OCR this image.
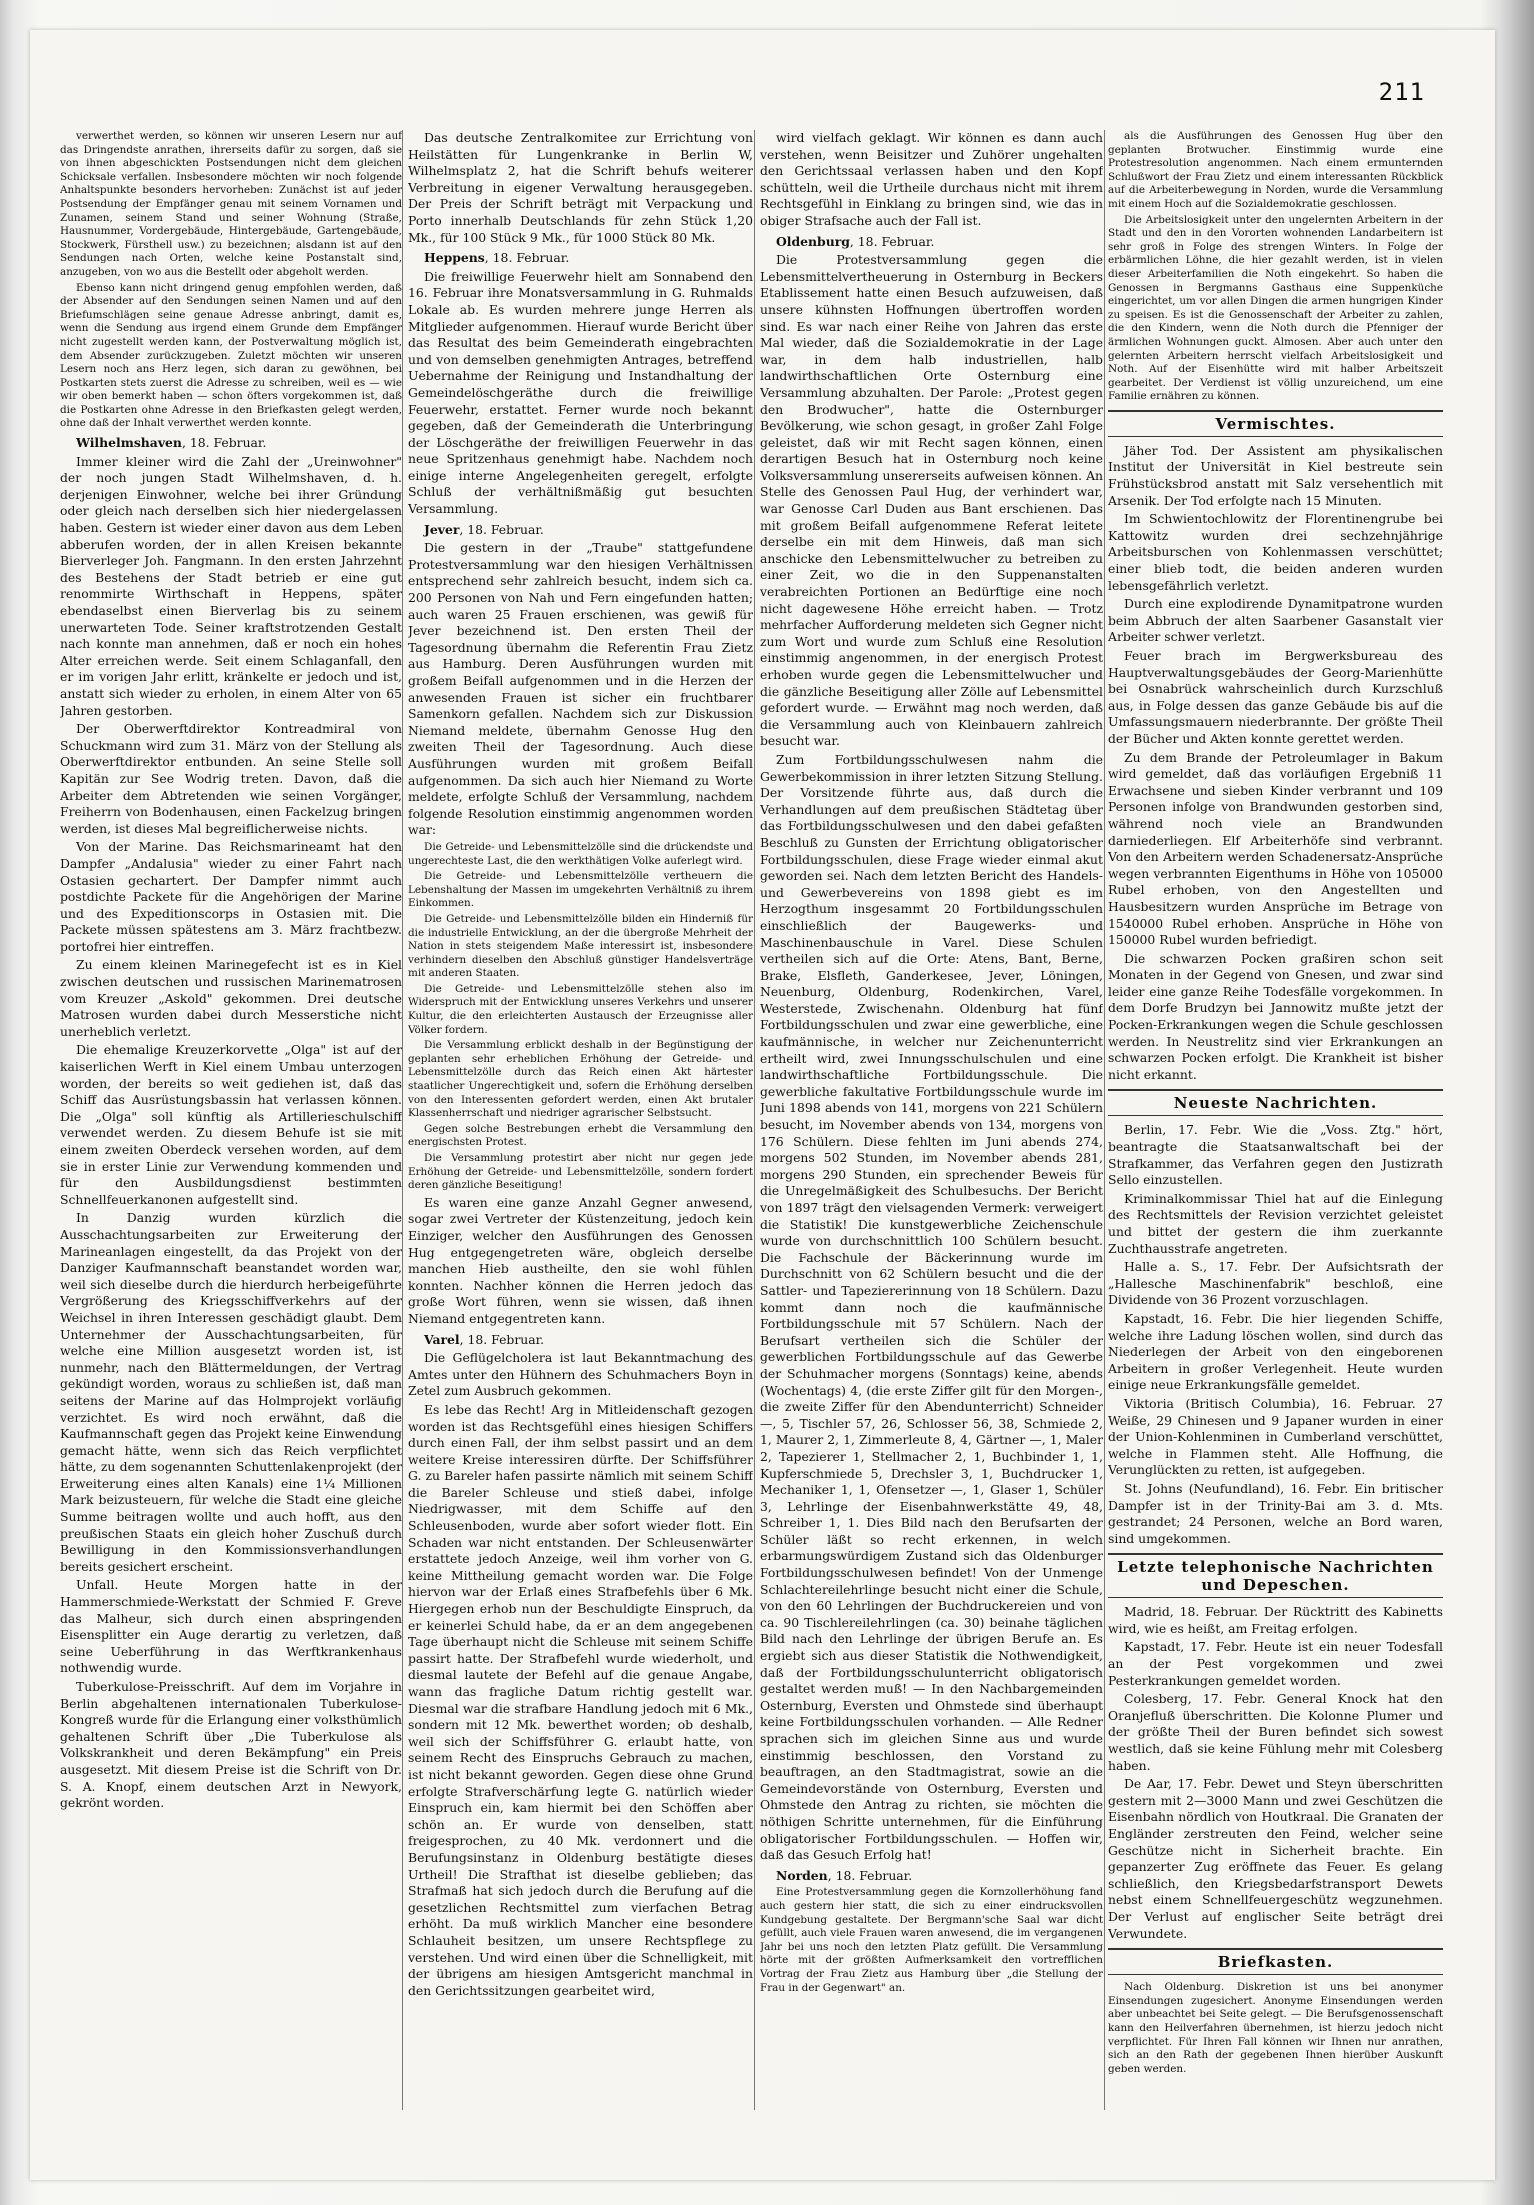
211

verwerthet werden, so können wir unseren Lesern nur auf das Dringendste anrathen, ihrerseits dafür zu sorgen, daß sie von ihnen abgeschickten Postsendungen nicht dem gleichen Schicksale verfallen. Insbesondere möchten wir noch folgende Anhaltspunkte besonders hervorheben: Zunächst ist auf jeder Postsendung der Empfänger genau mit seinem Vornamen und Zunamen, seinem Stand und seiner Wohnung (Straße, Hausnummer, Vordergebäude, Hintergebäude, Gartengebäude, Stockwerk, Fürsthell usw.) zu bezeichnen; alsdann ist auf den Sendungen nach Orten, welche keine Postanstalt sind, anzugeben, von wo aus die Bestellt oder abgeholt werden.

Ebenso kann nicht dringend genug empfohlen werden, daß der Absender auf den Sendungen seinen Namen und auf den Briefumschlägen seine genaue Adresse anbringt, damit es, wenn die Sendung aus irgend einem Grunde dem Empfänger nicht zugestellt werden kann, der Postverwaltung möglich ist, dem Absender zurückzugeben. Zuletzt möchten wir unseren Lesern noch ans Herz legen, sich daran zu gewöhnen, bei Postkarten stets zuerst die Adresse zu schreiben, weil es — wie wir oben bemerkt haben — schon öfters vorgekommen ist, daß die Postkarten ohne Adresse in den Briefkasten gelegt werden, ohne daß der Inhalt verwerthet werden konnte.

Wilhelmshaven, 18. Februar.

Immer kleiner wird die Zahl der „Ureinwohner" der noch jungen Stadt Wilhelmshaven, d. h. derjenigen Einwohner, welche bei ihrer Gründung oder gleich nach derselben sich hier niedergelassen haben. Gestern ist wieder einer davon aus dem Leben abberufen worden, der in allen Kreisen bekannte Bierverleger Joh. Fangmann. In den ersten Jahrzehnt des Bestehens der Stadt betrieb er eine gut renommirte Wirthschaft in Heppens, später ebendaselbst einen Bierverlag bis zu seinem unerwarteten Tode. Seiner kraftstrotzenden Gestalt nach konnte man annehmen, daß er noch ein hohes Alter erreichen werde. Seit einem Schlaganfall, den er im vorigen Jahr erlitt, kränkelte er jedoch und ist, anstatt sich wieder zu erholen, in einem Alter von 65 Jahren gestorben.

Der Oberwerftdirektor Kontreadmiral von Schuckmann wird zum 31. März von der Stellung als Oberwerftdirektor entbunden. An seine Stelle soll Kapitän zur See Wodrig treten. Davon, daß die Arbeiter dem Abtretenden wie seinen Vorgänger, Freiherrn von Bodenhausen, einen Fackelzug bringen werden, ist dieses Mal begreiflicherweise nichts.

Von der Marine. Das Reichsmarineamt hat den Dampfer „Andalusia" wieder zu einer Fahrt nach Ostasien gechartert. Der Dampfer nimmt auch postdichte Packete für die Angehörigen der Marine und des Expeditionscorps in Ostasien mit. Die Packete müssen spätestens am 3. März frachtbezw. portofrei hier eintreffen.

Zu einem kleinen Marinegefecht ist es in Kiel zwischen deutschen und russischen Marinematrosen vom Kreuzer „Askold" gekommen. Drei deutsche Matrosen wurden dabei durch Messerstiche nicht unerheblich verletzt.

Die ehemalige Kreuzerkorvette „Olga" ist auf der kaiserlichen Werft in Kiel einem Umbau unterzogen worden, der bereits so weit gediehen ist, daß das Schiff das Ausrüstungsbassin hat verlassen können. Die „Olga" soll künftig als Artillerieschulschiff verwendet werden. Zu diesem Behufe ist sie mit einem zweiten Oberdeck versehen worden, auf dem sie in erster Linie zur Verwendung kommenden und für den Ausbildungsdienst bestimmten Schnellfeuerkanonen aufgestellt sind.

In Danzig wurden kürzlich die Ausschachtungsarbeiten zur Erweiterung der Marineanlagen eingestellt, da das Projekt von der Danziger Kaufmannschaft beanstandet worden war, weil sich dieselbe durch die hierdurch herbeigeführte Vergrößerung des Kriegsschiffverkehrs auf der Weichsel in ihren Interessen geschädigt glaubt. Dem Unternehmer der Ausschachtungsarbeiten, für welche eine Million ausgesetzt worden ist, ist nunmehr, nach den Blättermeldungen, der Vertrag gekündigt worden, woraus zu schließen ist, daß man seitens der Marine auf das Holmprojekt vorläufig verzichtet. Es wird noch erwähnt, daß die Kaufmannschaft gegen das Projekt keine Einwendung gemacht hätte, wenn sich das Reich verpflichtet hätte, zu dem sogenannten Schuttenlakenprojekt (der Erweiterung eines alten Kanals) eine 1¼ Millionen Mark beizusteuern, für welche die Stadt eine gleiche Summe beitragen wollte und auch hofft, aus den preußischen Staats ein gleich hoher Zuschuß durch Bewilligung in den Kommissionsverhandlungen bereits gesichert erscheint.

Unfall. Heute Morgen hatte in der Hammerschmiede-Werkstatt der Schmied F. Greve das Malheur, sich durch einen abspringenden Eisensplitter ein Auge derartig zu verletzen, daß seine Ueberführung in das Werftkrankenhaus nothwendig wurde.

Tuberkulose-Preisschrift. Auf dem im Vorjahre in Berlin abgehaltenen internationalen Tuberkulose-Kongreß wurde für die Erlangung einer volksthümlich gehaltenen Schrift über „Die Tuberkulose als Volkskrankheit und deren Bekämpfung" ein Preis ausgesetzt. Mit diesem Preise ist die Schrift von Dr. S. A. Knopf, einem deutschen Arzt in Newyork, gekrönt worden.

Das deutsche Zentralkomitee zur Errichtung von Heilstätten für Lungenkranke in Berlin W, Wilhelmsplatz 2, hat die Schrift behufs weiterer Verbreitung in eigener Verwaltung herausgegeben. Der Preis der Schrift beträgt mit Verpackung und Porto innerhalb Deutschlands für zehn Stück 1,20 Mk., für 100 Stück 9 Mk., für 1000 Stück 80 Mk.

Heppens, 18. Februar.

Die freiwillige Feuerwehr hielt am Sonnabend den 16. Februar ihre Monatsversammlung in G. Ruhmalds Lokale ab. Es wurden mehrere junge Herren als Mitglieder aufgenommen. Hierauf wurde Bericht über das Resultat des beim Gemeinderath eingebrachten und von demselben genehmigten Antrages, betreffend Uebernahme der Reinigung und Instandhaltung der Gemeindelöschgeräthe durch die freiwillige Feuerwehr, erstattet. Ferner wurde noch bekannt gegeben, daß der Gemeinderath die Unterbringung der Löschgeräthe der freiwilligen Feuerwehr in das neue Spritzenhaus genehmigt habe. Nachdem noch einige interne Angelegenheiten geregelt, erfolgte Schluß der verhältnißmäßig gut besuchten Versammlung.

Jever, 18. Februar.

Die gestern in der „Traube" stattgefundene Protestversammlung war den hiesigen Verhältnissen entsprechend sehr zahlreich besucht, indem sich ca. 200 Personen von Nah und Fern eingefunden hatten; auch waren 25 Frauen erschienen, was gewiß für Jever bezeichnend ist. Den ersten Theil der Tagesordnung übernahm die Referentin Frau Zietz aus Hamburg. Deren Ausführungen wurden mit großem Beifall aufgenommen und in die Herzen der anwesenden Frauen ist sicher ein fruchtbarer Samenkorn gefallen. Nachdem sich zur Diskussion Niemand meldete, übernahm Genosse Hug den zweiten Theil der Tagesordnung. Auch diese Ausführungen wurden mit großem Beifall aufgenommen. Da sich auch hier Niemand zu Worte meldete, erfolgte Schluß der Versammlung, nachdem folgende Resolution einstimmig angenommen worden war:

Die Getreide- und Lebensmittelzölle sind die drückendste und ungerechteste Last, die den werkthätigen Volke auferlegt wird.

Die Getreide- und Lebensmittelzölle vertheuern die Lebenshaltung der Massen im umgekehrten Verhältniß zu ihrem Einkommen.

Die Getreide- und Lebensmittelzölle bilden ein Hinderniß für die industrielle Entwicklung, an der die übergroße Mehrheit der Nation in stets steigendem Maße interessirt ist, insbesondere verhindern dieselben den Abschluß günstiger Handelsverträge mit anderen Staaten.

Die Getreide- und Lebensmittelzölle stehen also im Widerspruch mit der Entwicklung unseres Verkehrs und unserer Kultur, die den erleichterten Austausch der Erzeugnisse aller Völker fordern.

Die Versammlung erblickt deshalb in der Begünstigung der geplanten sehr erheblichen Erhöhung der Getreide- und Lebensmittelzölle durch das Reich einen Akt härtester staatlicher Ungerechtigkeit und, sofern die Erhöhung derselben von den Interessenten gefordert werden, einen Akt brutaler Klassenherrschaft und niedriger agrarischer Selbstsucht.

Gegen solche Bestrebungen erhebt die Versammlung den energischsten Protest.

Die Versammlung protestirt aber nicht nur gegen jede Erhöhung der Getreide- und Lebensmittelzölle, sondern fordert deren gänzliche Beseitigung!

Es waren eine ganze Anzahl Gegner anwesend, sogar zwei Vertreter der Küstenzeitung, jedoch kein Einziger, welcher den Ausführungen des Genossen Hug entgegengetreten wäre, obgleich derselbe manchen Hieb austheilte, den sie wohl fühlen konnten. Nachher können die Herren jedoch das große Wort führen, wenn sie wissen, daß ihnen Niemand entgegentreten kann.

Varel, 18. Februar.

Die Geflügelcholera ist laut Bekanntmachung des Amtes unter den Hühnern des Schuhmachers Boyn in Zetel zum Ausbruch gekommen.

Es lebe das Recht! Arg in Mitleidenschaft gezogen worden ist das Rechtsgefühl eines hiesigen Schiffers durch einen Fall, der ihm selbst passirt und an dem weitere Kreise interessiren dürfte. Der Schiffsführer G. zu Bareler hafen passirte nämlich mit seinem Schiff die Bareler Schleuse und stieß dabei, infolge Niedrigwasser, mit dem Schiffe auf den Schleusenboden, wurde aber sofort wieder flott. Ein Schaden war nicht entstanden. Der Schleusenwärter erstattete jedoch Anzeige, weil ihm vorher von G. keine Mittheilung gemacht worden war. Die Folge hiervon war der Erlaß eines Strafbefehls über 6 Mk. Hiergegen erhob nun der Beschuldigte Einspruch, da er keinerlei Schuld habe, da er an dem angegebenen Tage überhaupt nicht die Schleuse mit seinem Schiffe passirt hatte. Der Strafbefehl wurde wiederholt, und diesmal lautete der Befehl auf die genaue Angabe, wann das fragliche Datum richtig gestellt war. Diesmal war die strafbare Handlung jedoch mit 6 Mk., sondern mit 12 Mk. bewerthet worden; ob deshalb, weil sich der Schiffsführer G. erlaubt hatte, von seinem Recht des Einspruchs Gebrauch zu machen, ist nicht bekannt geworden. Gegen diese ohne Grund erfolgte Strafverschärfung legte G. natürlich wieder Einspruch ein, kam hiermit bei den Schöffen aber schön an. Er wurde von denselben, statt freigesprochen, zu 40 Mk. verdonnert und die Berufungsinstanz in Oldenburg bestätigte dieses Urtheil! Die Strafthat ist dieselbe geblieben; das Strafmaß hat sich jedoch durch die Berufung auf die gesetzlichen Rechtsmittel zum vierfachen Betrag erhöht. Da muß wirklich Mancher eine besondere Schlauheit besitzen, um unsere Rechtspflege zu verstehen. Und wird einen über die Schnelligkeit, mit der übrigens am hiesigen Amtsgericht manchmal in den Gerichtssitzungen gearbeitet wird,

wird vielfach geklagt. Wir können es dann auch verstehen, wenn Beisitzer und Zuhörer ungehalten den Gerichtssaal verlassen haben und den Kopf schütteln, weil die Urtheile durchaus nicht mit ihrem Rechtsgefühl in Einklang zu bringen sind, wie das in obiger Strafsache auch der Fall ist.

Oldenburg, 18. Februar.

Die Protestversammlung gegen die Lebensmittelvertheuerung in Osternburg in Beckers Etablissement hatte einen Besuch aufzuweisen, daß unsere kühnsten Hoffnungen übertroffen worden sind. Es war nach einer Reihe von Jahren das erste Mal wieder, daß die Sozialdemokratie in der Lage war, in dem halb industriellen, halb landwirthschaftlichen Orte Osternburg eine Versammlung abzuhalten. Der Parole: „Protest gegen den Brodwucher", hatte die Osternburger Bevölkerung, wie schon gesagt, in großer Zahl Folge geleistet, daß wir mit Recht sagen können, einen derartigen Besuch hat in Osternburg noch keine Volksversammlung unsererseits aufweisen können. An Stelle des Genossen Paul Hug, der verhindert war, war Genosse Carl Duden aus Bant erschienen. Das mit großem Beifall aufgenommene Referat leitete derselbe ein mit dem Hinweis, daß man sich anschicke den Lebensmittelwucher zu betreiben zu einer Zeit, wo die in den Suppenanstalten verabreichten Portionen an Bedürftige eine noch nicht dagewesene Höhe erreicht haben. — Trotz mehrfacher Aufforderung meldeten sich Gegner nicht zum Wort und wurde zum Schluß eine Resolution einstimmig angenommen, in der energisch Protest erhoben wurde gegen die Lebensmittelwucher und die gänzliche Beseitigung aller Zölle auf Lebensmittel gefordert wurde. — Erwähnt mag noch werden, daß die Versammlung auch von Kleinbauern zahlreich besucht war.

Zum Fortbildungsschulwesen nahm die Gewerbekommission in ihrer letzten Sitzung Stellung. Der Vorsitzende führte aus, daß durch die Verhandlungen auf dem preußischen Städtetag über das Fortbildungsschulwesen und den dabei gefaßten Beschluß zu Gunsten der Errichtung obligatorischer Fortbildungsschulen, diese Frage wieder einmal akut geworden sei. Nach dem letzten Bericht des Handels- und Gewerbevereins von 1898 giebt es im Herzogthum insgesammt 20 Fortbildungsschulen einschließlich der Baugewerks- und Maschinenbauschule in Varel. Diese Schulen vertheilen sich auf die Orte: Atens, Bant, Berne, Brake, Elsfleth, Ganderkesee, Jever, Löningen, Neuenburg, Oldenburg, Rodenkirchen, Varel, Westerstede, Zwischenahn. Oldenburg hat fünf Fortbildungsschulen und zwar eine gewerbliche, eine kaufmännische, in welcher nur Zeichenunterricht ertheilt wird, zwei Innungsschulschulen und eine landwirthschaftliche Fortbildungsschule. Die gewerbliche fakultative Fortbildungsschule wurde im Juni 1898 abends von 141, morgens von 221 Schülern besucht, im November abends von 134, morgens von 176 Schülern. Diese fehlten im Juni abends 274, morgens 502 Stunden, im November abends 281, morgens 290 Stunden, ein sprechender Beweis für die Unregelmäßigkeit des Schulbesuchs. Der Bericht von 1897 trägt den vielsagenden Vermerk: verweigert die Statistik! Die kunstgewerbliche Zeichenschule wurde von durchschnittlich 100 Schülern besucht. Die Fachschule der Bäckerinnung wurde im Durchschnitt von 62 Schülern besucht und die der Sattler- und Tapeziererinnung von 18 Schülern. Dazu kommt dann noch die kaufmännische Fortbildungsschule mit 57 Schülern. Nach der Berufsart vertheilen sich die Schüler der gewerblichen Fortbildungsschule auf das Gewerbe der Schuhmacher morgens (Sonntags) keine, abends (Wochentags) 4, (die erste Ziffer gilt für den Morgen-, die zweite Ziffer für den Abendunterricht) Schneider —, 5, Tischler 57, 26, Schlosser 56, 38, Schmiede 2, 1, Maurer 2, 1, Zimmerleute 8, 4, Gärtner —, 1, Maler 2, Tapezierer 1, Stellmacher 2, 1, Buchbinder 1, 1, Kupferschmiede 5, Drechsler 3, 1, Buchdrucker 1, Mechaniker 1, 1, Ofensetzer —, 1, Glaser 1, Schüler 3, Lehrlinge der Eisenbahnwerkstätte 49, 48, Schreiber 1, 1. Dies Bild nach den Berufsarten der Schüler läßt so recht erkennen, in welch erbarmungswürdigem Zustand sich das Oldenburger Fortbildungsschulwesen befindet! Von der Unmenge Schlachtereilehrlinge besucht nicht einer die Schule, von den 60 Lehrlingen der Buchdruckereien und von ca. 90 Tischlereilehrlingen (ca. 30) beinahe täglichen Bild nach den Lehrlinge der übrigen Berufe an. Es ergiebt sich aus dieser Statistik die Nothwendigkeit, daß der Fortbildungsschulunterricht obligatorisch gestaltet werden muß! — In den Nachbargemeinden Osternburg, Eversten und Ohmstede sind überhaupt keine Fortbildungsschulen vorhanden. — Alle Redner sprachen sich im gleichen Sinne aus und wurde einstimmig beschlossen, den Vorstand zu beauftragen, an den Stadtmagistrat, sowie an die Gemeindevorstände von Osternburg, Eversten und Ohmstede den Antrag zu richten, sie möchten die nöthigen Schritte unternehmen, für die Einführung obligatorischer Fortbildungsschulen. — Hoffen wir, daß das Gesuch Erfolg hat!

Norden, 18. Februar.

Eine Protestversammlung gegen die Kornzollerhöhung fand auch gestern hier statt, die sich zu einer eindrucksvollen Kundgebung gestaltete. Der Bergmann'sche Saal war dicht gefüllt, auch viele Frauen waren anwesend, die im vergangenen Jahr bei uns noch den letzten Platz gefüllt. Die Versammlung hörte mit der größten Aufmerksamkeit den vortrefflichen Vortrag der Frau Zietz aus Hamburg über „die Stellung der Frau in der Gegenwart" an.

als die Ausführungen des Genossen Hug über den geplanten Brotwucher. Einstimmig wurde eine Protestresolution angenommen. Nach einem ermunternden Schlußwort der Frau Zietz und einem interessanten Rückblick auf die Arbeiterbewegung in Norden, wurde die Versammlung mit einem Hoch auf die Sozialdemokratie geschlossen.

Die Arbeitslosigkeit unter den ungelernten Arbeitern in der Stadt und den in den Vororten wohnenden Landarbeitern ist sehr groß in Folge des strengen Winters. In Folge der erbärmlichen Löhne, die hier gezahlt werden, ist in vielen dieser Arbeiterfamilien die Noth eingekehrt. So haben die Genossen in Bergmanns Gasthaus eine Suppenküche eingerichtet, um vor allen Dingen die armen hungrigen Kinder zu speisen. Es ist die Genossenschaft der Arbeiter zu zahlen, die den Kindern, wenn die Noth durch die Pfenniger der ärmlichen Wohnungen guckt. Almosen. Aber auch unter den gelernten Arbeitern herrscht vielfach Arbeitslosigkeit und Noth. Auf der Eisenhütte wird mit halber Arbeitszeit gearbeitet. Der Verdienst ist völlig unzureichend, um eine Familie ernähren zu können.

Vermischtes.

Jäher Tod. Der Assistent am physikalischen Institut der Universität in Kiel bestreute sein Frühstücksbrod anstatt mit Salz versehentlich mit Arsenik. Der Tod erfolgte nach 15 Minuten.

Im Schwientochlowitz der Florentinengrube bei Kattowitz wurden drei sechzehnjährige Arbeitsburschen von Kohlenmassen verschüttet; einer blieb todt, die beiden anderen wurden lebensgefährlich verletzt.

Durch eine explodirende Dynamitpatrone wurden beim Abbruch der alten Saarbener Gasanstalt vier Arbeiter schwer verletzt.

Feuer brach im Bergwerksbureau des Hauptverwaltungsgebäudes der Georg-Marienhütte bei Osnabrück wahrscheinlich durch Kurzschluß aus, in Folge dessen das ganze Gebäude bis auf die Umfassungsmauern niederbrannte. Der größte Theil der Bücher und Akten konnte gerettet werden.

Zu dem Brande der Petroleumlager in Bakum wird gemeldet, daß das vorläufigen Ergebniß 11 Erwachsene und sieben Kinder verbrannt und 109 Personen infolge von Brandwunden gestorben sind, während noch viele an Brandwunden darniederliegen. Elf Arbeiterhöfe sind verbrannt. Von den Arbeitern werden Schadenersatz-Ansprüche wegen verbrannten Eigenthums in Höhe von 105000 Rubel erhoben, von den Angestellten und Hausbesitzern wurden Ansprüche im Betrage von 1540000 Rubel erhoben. Ansprüche in Höhe von 150000 Rubel wurden befriedigt.

Die schwarzen Pocken graßiren schon seit Monaten in der Gegend von Gnesen, und zwar sind leider eine ganze Reihe Todesfälle vorgekommen. In dem Dorfe Brudzyn bei Jannowitz mußte jetzt der Pocken-Erkrankungen wegen die Schule geschlossen werden. In Neustrelitz sind vier Erkrankungen an schwarzen Pocken erfolgt. Die Krankheit ist bisher nicht erkannt.

Neueste Nachrichten.

Berlin, 17. Febr. Wie die „Voss. Ztg." hört, beantragte die Staatsanwaltschaft bei der Strafkammer, das Verfahren gegen den Justizrath Sello einzustellen.

Kriminalkommissar Thiel hat auf die Einlegung des Rechtsmittels der Revision verzichtet geleistet und bittet der gestern die ihm zuerkannte Zuchthausstrafe angetreten.

Halle a. S., 17. Febr. Der Aufsichtsrath der „Hallesche Maschinenfabrik" beschloß, eine Dividende von 36 Prozent vorzuschlagen.

Kapstadt, 16. Febr. Die hier liegenden Schiffe, welche ihre Ladung löschen wollen, sind durch das Niederlegen der Arbeit von den eingeborenen Arbeitern in großer Verlegenheit. Heute wurden einige neue Erkrankungsfälle gemeldet.

Viktoria (Britisch Columbia), 16. Februar. 27 Weiße, 29 Chinesen und 9 Japaner wurden in einer der Union-Kohlenminen in Cumberland verschüttet, welche in Flammen steht. Alle Hoffnung, die Verunglückten zu retten, ist aufgegeben.

St. Johns (Neufundland), 16. Febr. Ein britischer Dampfer ist in der Trinity-Bai am 3. d. Mts. gestrandet; 24 Personen, welche an Bord waren, sind umgekommen.

Letzte telephonische Nachrichten und Depeschen.

Madrid, 18. Februar. Der Rücktritt des Kabinetts wird, wie es heißt, am Freitag erfolgen.

Kapstadt, 17. Febr. Heute ist ein neuer Todesfall an der Pest vorgekommen und zwei Pesterkrankungen gemeldet worden.

Colesberg, 17. Febr. General Knock hat den Oranjefluß überschritten. Die Kolonne Plumer und der größte Theil der Buren befindet sich sowest westlich, daß sie keine Fühlung mehr mit Colesberg haben.

De Aar, 17. Febr. Dewet und Steyn überschritten gestern mit 2—3000 Mann und zwei Geschützen die Eisenbahn nördlich von Houtkraal. Die Granaten der Engländer zerstreuten den Feind, welcher seine Geschütze nicht in Sicherheit brachte. Ein gepanzerter Zug eröffnete das Feuer. Es gelang schließlich, den Kriegsbedarfstransport Dewets nebst einem Schnellfeuergeschütz wegzunehmen. Der Verlust auf englischer Seite beträgt drei Verwundete.

Briefkasten.

Nach Oldenburg. Diskretion ist uns bei anonymer Einsendungen zugesichert. Anonyme Einsendungen werden aber unbeachtet bei Seite gelegt. — Die Berufsgenossenschaft kann den Heilverfahren übernehmen, ist hierzu jedoch nicht verpflichtet. Für Ihren Fall können wir Ihnen nur anrathen, sich an den Rath der gegebenen Ihnen hierüber Auskunft geben werden.
